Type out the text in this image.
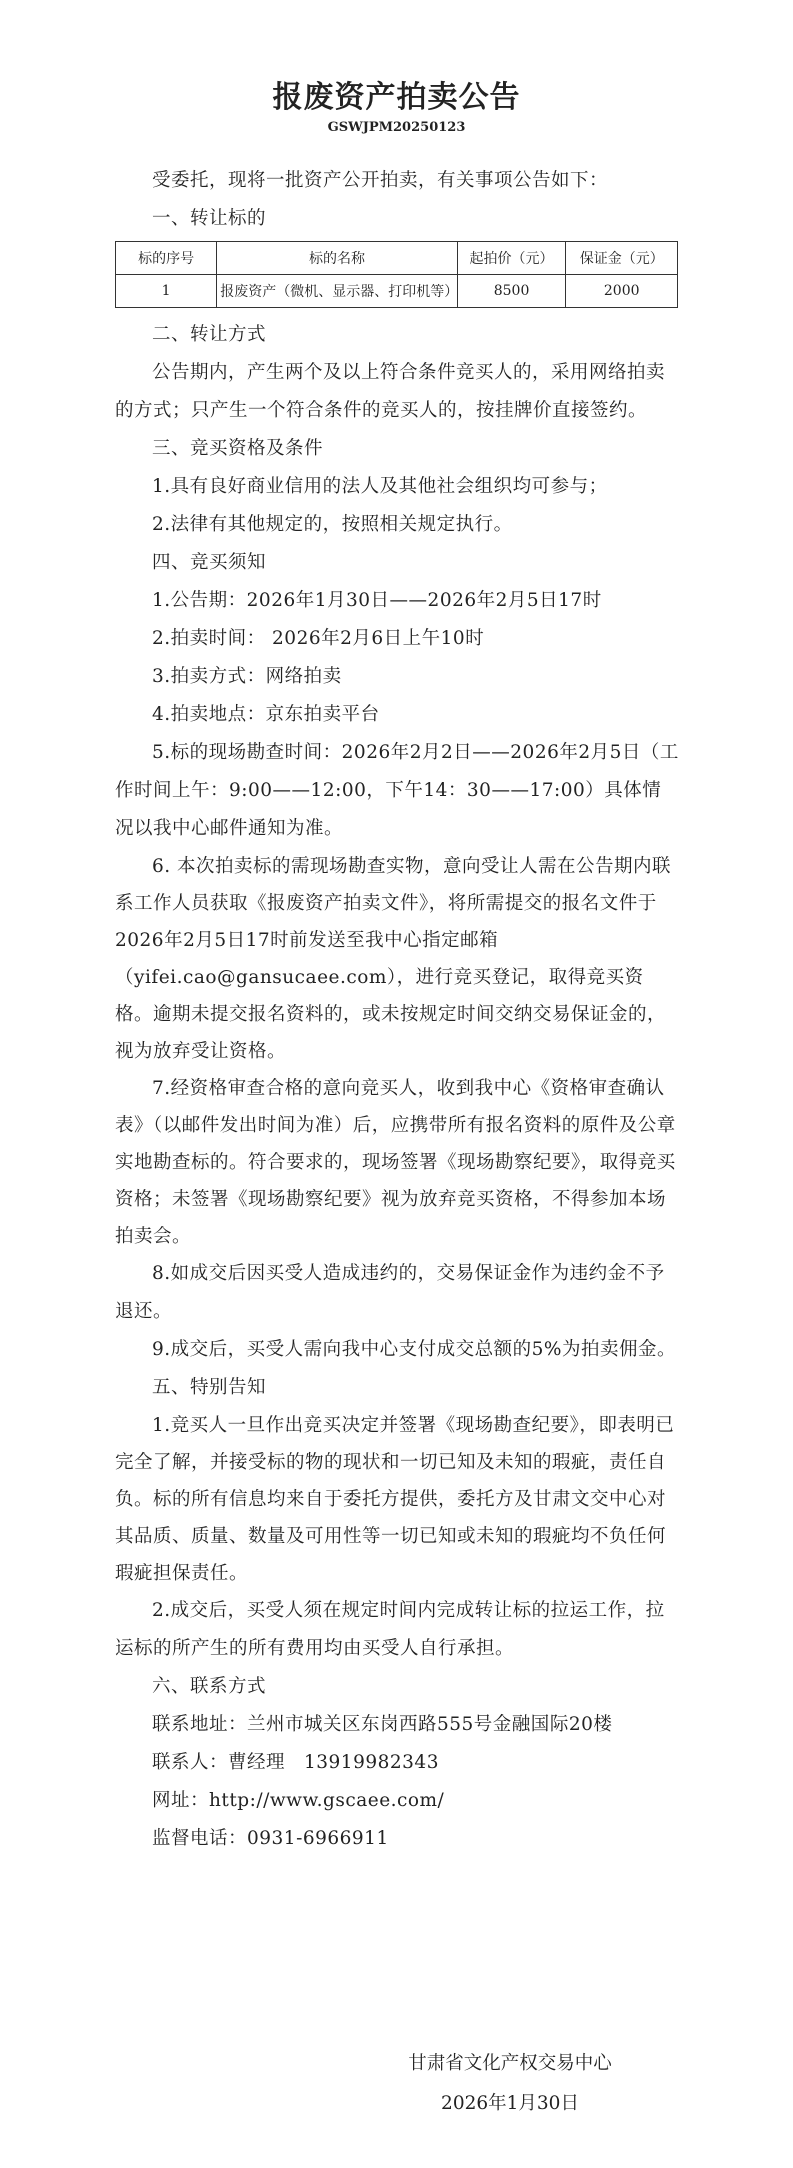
报废资产拍卖公告
GSWJPM20250123

受委托，现将一批资产公开拍卖，有关事项公告如下：

一、转让标的

标的序号	标的名称	起拍价（元）	保证金（元）
1	报废资产（微机、显示器、打印机等）	8500	2000

二、转让方式

公告期内，产生两个及以上符合条件竞买人的，采用网络拍卖的方式；只产生一个符合条件的竞买人的，按挂牌价直接签约。

三、竞买资格及条件

1.具有良好商业信用的法人及其他社会组织均可参与；

2.法律有其他规定的，按照相关规定执行。

四、竞买须知

1.公告期：2026年1月30日——2026年2月5日17时

2.拍卖时间： 2026年2月6日上午10时

3.拍卖方式：网络拍卖

4.拍卖地点：京东拍卖平台

5.标的现场勘查时间：2026年2月2日——2026年2月5日（工作时间上午：9:00——12:00，下午14：30——17:00）具体情况以我中心邮件通知为准。

6. 本次拍卖标的需现场勘查实物，意向受让人需在公告期内联系工作人员获取《报废资产拍卖文件》，将所需提交的报名文件于2026年2月5日17时前发送至我中心指定邮箱（yifei.cao@gansucaee.com），进行竞买登记，取得竞买资格。逾期未提交报名资料的，或未按规定时间交纳交易保证金的，视为放弃受让资格。

7.经资格审查合格的意向竞买人，收到我中心《资格审查确认表》（以邮件发出时间为准）后，应携带所有报名资料的原件及公章实地勘查标的。符合要求的，现场签署《现场勘察纪要》，取得竞买资格；未签署《现场勘察纪要》视为放弃竞买资格，不得参加本场拍卖会。

8.如成交后因买受人造成违约的，交易保证金作为违约金不予退还。

9.成交后，买受人需向我中心支付成交总额的5%为拍卖佣金。

五、特别告知

1.竞买人一旦作出竞买决定并签署《现场勘查纪要》，即表明已完全了解，并接受标的物的现状和一切已知及未知的瑕疵，责任自负。标的所有信息均来自于委托方提供，委托方及甘肃文交中心对其品质、质量、数量及可用性等一切已知或未知的瑕疵均不负任何瑕疵担保责任。

2.成交后，买受人须在规定时间内完成转让标的拉运工作，拉运标的所产生的所有费用均由买受人自行承担。

六、联系方式

联系地址：兰州市城关区东岗西路555号金融国际20楼

联系人：曹经理　13919982343

网址：http://www.gscaee.com/

监督电话：0931-6966911

甘肃省文化产权交易中心
2026年1月30日
